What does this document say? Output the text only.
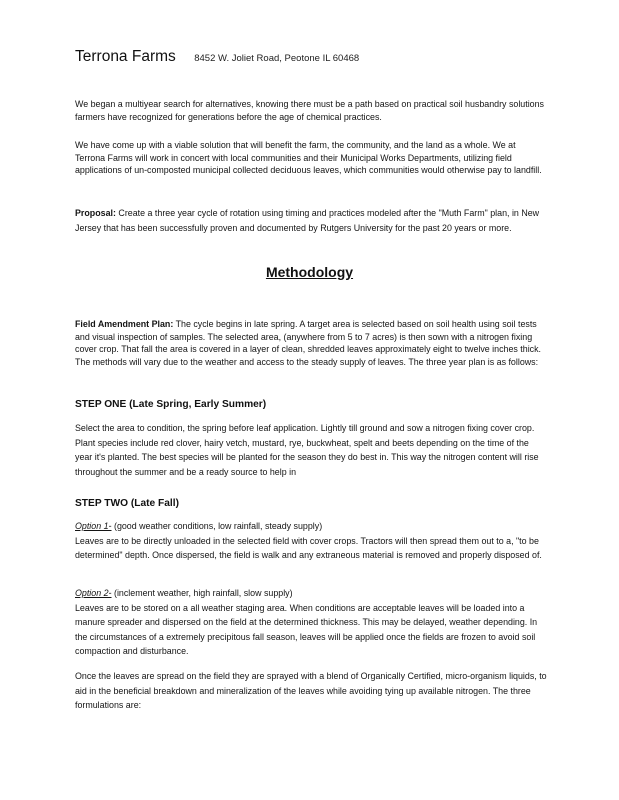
Terrona Farms 8452 W. Joliet Road, Peotone IL 60468

We began a multiyear search for alternatives, knowing there must be a path based on practical soil husbandry solutions farmers have recognized for generations before the age of chemical practices.

We have come up with a viable solution that will benefit the farm, the community, and the land as a whole. We at Terrona Farms will work in concert with local communities and their Municipal Works Departments, utilizing field applications of un-composted municipal collected deciduous leaves, which communities would otherwise pay to landfill.

Proposal: Create a three year cycle of rotation using timing and practices modeled after the "Muth Farm" plan, in New Jersey that has been successfully proven and documented by Rutgers University for the past 20 years or more.

Methodology

Field Amendment Plan: The cycle begins in late spring. A target area is selected based on soil health using soil tests and visual inspection of samples. The selected area, (anywhere from 5 to 7 acres) is then sown with a nitrogen fixing cover crop. That fall the area is covered in a layer of clean, shredded leaves approximately eight to twelve inches thick. The methods will vary due to the weather and access to the steady supply of leaves. The three year plan is as follows:

STEP ONE (Late Spring, Early Summer)

Select the area to condition, the spring before leaf application. Lightly till ground and sow a nitrogen fixing cover crop. Plant species include red clover, hairy vetch, mustard, rye, buckwheat, spelt and beets depending on the time of the year it's planted. The best species will be planted for the season they do best in. This way the nitrogen content will rise throughout the summer and be a ready source to help in

STEP TWO (Late Fall)

Option 1- (good weather conditions, low rainfall, steady supply)
Leaves are to be directly unloaded in the selected field with cover crops. Tractors will then spread them out to a, "to be determined" depth. Once dispersed, the field is walk and any extraneous material is removed and properly disposed of.

Option 2- (inclement weather, high rainfall, slow supply)
Leaves are to be stored on a all weather staging area. When conditions are acceptable leaves will be loaded into a manure spreader and dispersed on the field at the determined thickness. This may be delayed, weather depending. In the circumstances of a extremely precipitous fall season, leaves will be applied once the fields are frozen to avoid soil compaction and disturbance.

Once the leaves are spread on the field they are sprayed with a blend of Organically Certified, micro-organism liquids, to aid in the beneficial breakdown and mineralization of the leaves while avoiding tying up available nitrogen. The three formulations are:
